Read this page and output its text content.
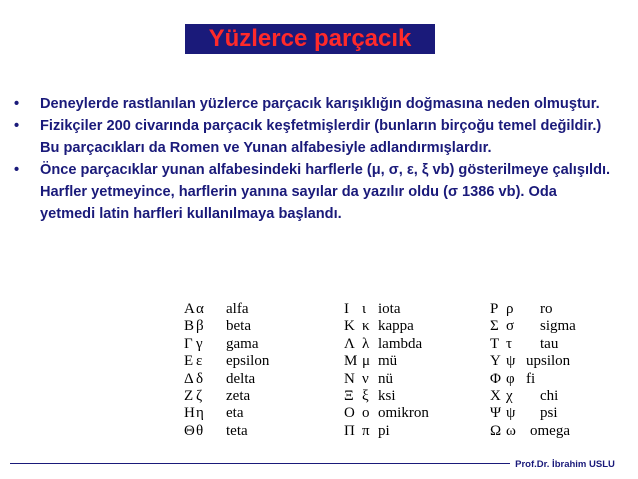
Yüzlerce parçacık

• Deneylerde rastlanılan yüzlerce parçacık karışıklığın doğmasına neden olmuştur.

• Fizikçiler 200 civarında parçacık keşfetmişlerdir (bunların birçoğu temel değildir.) Bu parçacıkları da Romen ve Yunan alfabesiyle adlandırmışlardır.

• Önce parçacıklar yunan alfabesindeki harflerle (μ, σ, ε, ξ vb) gösterilmeye çalışıldı. Harfler yetmeyince, harflerin yanına sayılar da yazılır oldu (σ 1386 vb). Oda yetmedi latin harfleri kullanılmaya başlandı.

Αα alfa
Β β beta
Γ γ gama
Ε ε epsilon
Δ δ delta
Ζ ζ zeta
Ηη eta
Θθ teta
Ι ι iota
Κ κ kappa
Λ λ lambda
Μ μ mü
Ν ν nü
Ξ ξ ksi
Ο ο omikron
Π π pi
Ρ ρ ro
Σ σ sigma
Τ τ tau
Υ ψ upsilon
Φ φ fi
Χ χ chi
Ψ ψ psi
Ω ω omega
Prof.Dr. İbrahim USLU
